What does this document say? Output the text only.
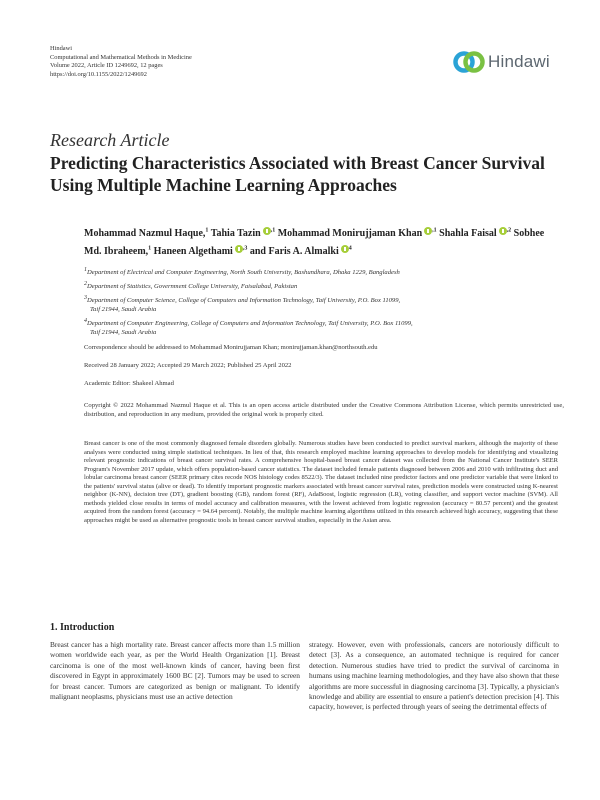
Hindawi
Computational and Mathematical Methods in Medicine
Volume 2022, Article ID 1249692, 12 pages
https://doi.org/10.1155/2022/1249692
Hindawi
Research Article
Predicting Characteristics Associated with Breast Cancer Survival Using Multiple Machine Learning Approaches
Mohammad Nazmul Haque,$^1$ Tahia Tazin $^{,1}$ Mohammad Monirujjaman Khan $^{,1}$ Shahla Faisal $^{,2}$ Sobhee Md. Ibraheem,$^1$ Haneen Algethami $^{,3}$ and Faris A. Almalki $^4$

$^1$Department of Electrical and Computer Engineering, North South University, Bashundhara, Dhaka 1229, Bangladesh

$^2$Department of Statistics, Government College University, Faisalabad, Pakistan

$^3$Department of Computer Science, College of Computers and Information Technology, Taif University, P.O. Box 11099,
Taif 21944, Saudi Arabia

$^4$Department of Computer Engineering, College of Computers and Information Technology, Taif University, P.O. Box 11099,
Taif 21944, Saudi Arabia

Correspondence should be addressed to Mohammad Monirujjaman Khan; monirujjaman.khan@northsouth.edu
Received 28 January 2022; Accepted 29 March 2022; Published 25 April 2022
Academic Editor: Shakeel Ahmad
Copyright © 2022 Mohammad Nazmul Haque et al. This is an open access article distributed under the Creative Commons Attribution License, which permits unrestricted use, distribution, and reproduction in any medium, provided the original work is properly cited.
Breast cancer is one of the most commonly diagnosed female disorders globally. Numerous studies have been conducted to predict survival markers, although the majority of these analyses were conducted using simple statistical techniques. In lieu of that, this research employed machine learning approaches to develop models for identifying and visualizing relevant prognostic indications of breast cancer survival rates. A comprehensive hospital-based breast cancer dataset was collected from the National Cancer Institute's SEER Program's November 2017 update, which offers population-based cancer statistics. The dataset included female patients diagnosed between 2006 and 2010 with infiltrating duct and lobular carcinoma breast cancer (SEER primary cites recode NOS histology codes 8522/3). The dataset included nine predictor factors and one predictor variable that were linked to the patients' survival status (alive or dead). To identify important prognostic markers associated with breast cancer survival rates, prediction models were constructed using K-nearest neighbor (K-NN), decision tree (DT), gradient boosting (GB), random forest (RF), AdaBoost, logistic regression (LR), voting classifier, and support vector machine (SVM). All methods yielded close results in terms of model accuracy and calibration measures, with the lowest achieved from logistic regression (accuracy = 80.57 percent) and the greatest acquired from the random forest (accuracy = 94.64 percent). Notably, the multiple machine learning algorithms utilized in this research achieved high accuracy, suggesting that these approaches might be used as alternative prognostic tools in breast cancer survival studies, especially in the Asian area.
1. Introduction
Breast cancer has a high mortality rate. Breast cancer affects more than 1.5 million women worldwide each year, as per the World Health Organization [1]. Breast carcinoma is one of the most well-known kinds of cancer, having been first discovered in Egypt in approximately 1600 BC [2]. Tumors may be used to screen for breast cancer. Tumors are categorized as benign or malignant. To identify malignant neoplasms, physicians must use an active detection
strategy. However, even with professionals, cancers are notoriously difficult to detect [3]. As a consequence, an automated technique is required for cancer detection. Numerous studies have tried to predict the survival of carcinoma in humans using machine learning methodologies, and they have also shown that these algorithms are more successful in diagnosing carcinoma [3]. Typically, a physician's knowledge and ability are essential to ensure a patient's detection precision [4]. This capacity, however, is perfected through years of seeing the detrimental effects of
